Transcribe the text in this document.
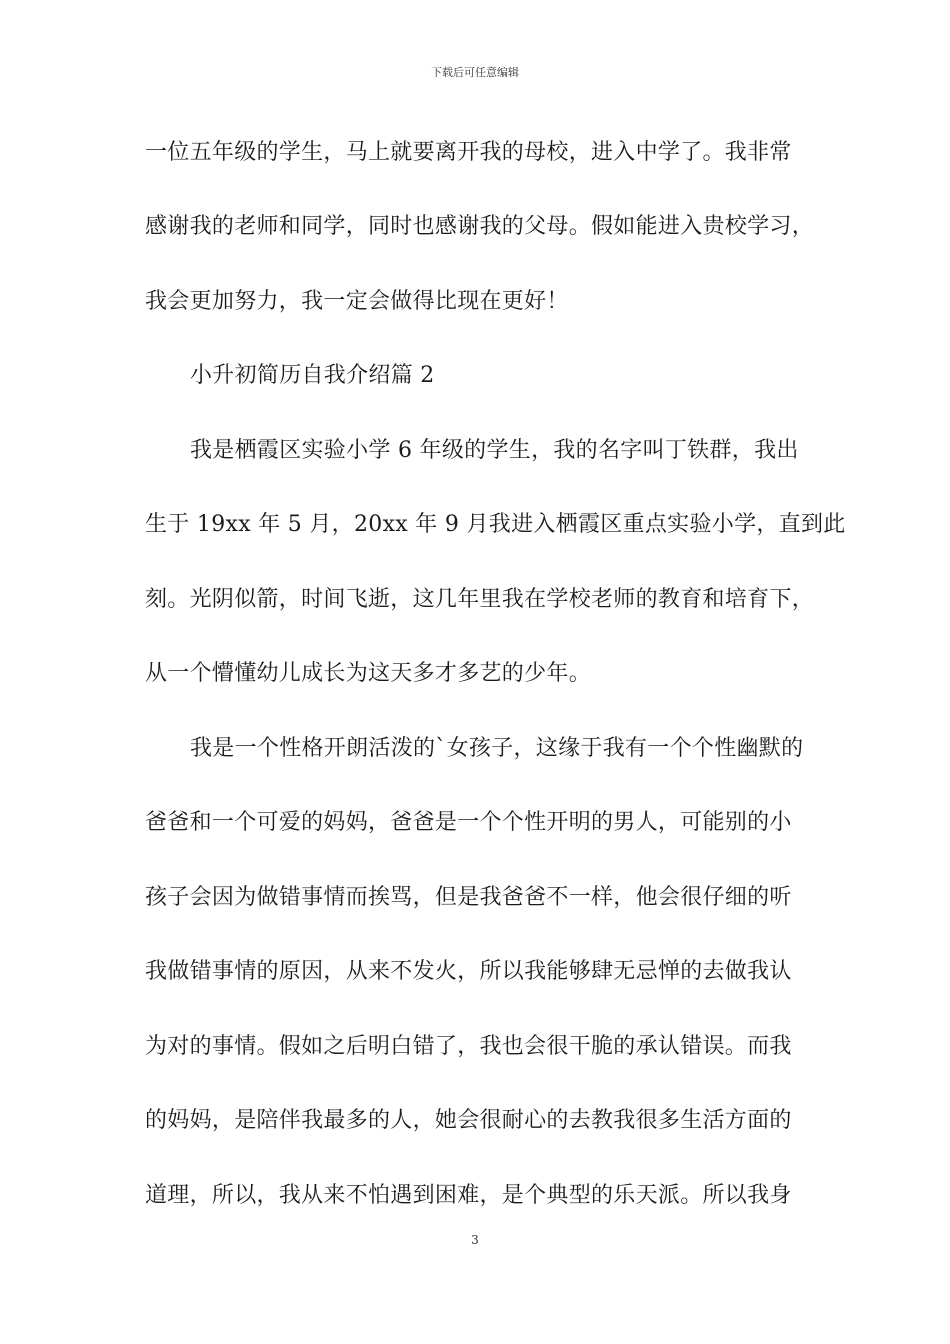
下载后可任意编辑
一位五年级的学生，马上就要离开我的母校，进入中学了。我非常
感谢我的老师和同学，同时也感谢我的父母。假如能进入贵校学习，
我会更加努力，我一定会做得比现在更好！
小升初简历自我介绍篇 2
我是栖霞区实验小学 6 年级的学生，我的名字叫丁铁群，我出
生于 19xx 年 5 月，20xx 年 9 月我进入栖霞区重点实验小学，直到此
刻。光阴似箭，时间飞逝，这几年里我在学校老师的教育和培育下，
从一个懵懂幼儿成长为这天多才多艺的少年。
我是一个性格开朗活泼的`女孩子，这缘于我有一个个性幽默的
爸爸和一个可爱的妈妈，爸爸是一个个性开明的男人，可能别的小
孩子会因为做错事情而挨骂，但是我爸爸不一样，他会很仔细的听
我做错事情的原因，从来不发火，所以我能够肆无忌惮的去做我认
为对的事情。假如之后明白错了，我也会很干脆的承认错误。而我
的妈妈，是陪伴我最多的人，她会很耐心的去教我很多生活方面的
道理，所以，我从来不怕遇到困难，是个典型的乐天派。所以我身
3
